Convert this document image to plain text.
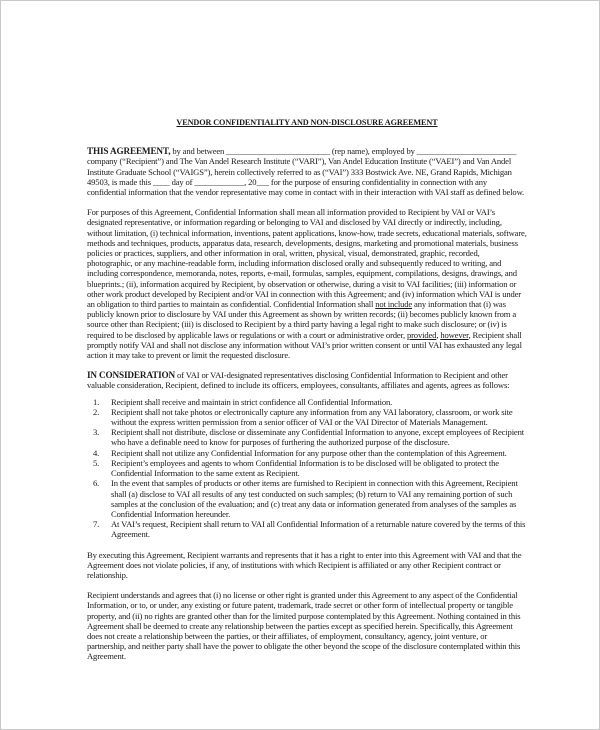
VENDOR CONFIDENTIALITY AND NON-DISCLOSURE AGREEMENT

THIS AGREEMENT, by and between _________________________ (rep name), employed by ________________________ company (“Recipient”) and The Van Andel Research Institute (“VARI”), Van Andel Education Institute (“VAEI”) and Van Andel Institute Graduate School (“VAIGS”), herein collectively referred to as (“VAI”) 333 Bostwick Ave. NE, Grand Rapids, Michigan 49503, is made this ____ day of ____________, 20___ for the purpose of ensuring confidentiality in connection with any confidential information that the vendor representative may come in contact with in their interaction with VAI staff as defined below.

For purposes of this Agreement, Confidential Information shall mean all information provided to Recipient by VAI or VAI’s designated representative, or information regarding or belonging to VAI and disclosed by VAI directly or indirectly, including, without limitation, (i) technical information, inventions, patent applications, know-how, trade secrets, educational materials, software, methods and techniques, products, apparatus data, research, developments, designs, marketing and promotional materials, business policies or practices, suppliers, and other information in oral, written, physical, visual, demonstrated, graphic, recorded, photographic, or any machine-readable form, including information disclosed orally and subsequently reduced to writing, and including correspondence, memoranda, notes, reports, e-mail, formulas, samples, equipment, compilations, designs, drawings, and blueprints.; (ii), information acquired by Recipient, by observation or otherwise, during a visit to VAI facilities; (iii) information or other work product developed by Recipient and/or VAI in connection with this Agreement; and (iv) information which VAI is under an obligation to third parties to maintain as confidential. Confidential Information shall not include any information that (i) was publicly known prior to disclosure by VAI under this Agreement as shown by written records; (ii) becomes publicly known from a source other than Recipient; (iii) is disclosed to Recipient by a third party having a legal right to make such disclosure; or (iv) is required to be disclosed by applicable laws or regulations or with a court or administrative order, provided, however, Recipient shall promptly notify VAI and shall not disclose any information without VAI’s prior written consent or until VAI has exhausted any legal action it may take to prevent or limit the requested disclosure.

IN CONSIDERATION of VAI or VAI-designated representatives disclosing Confidential Information to Recipient and other valuable consideration, Recipient, defined to include its officers, employees, consultants, affiliates and agents, agrees as follows:

1. Recipient shall receive and maintain in strict confidence all Confidential Information.
2. Recipient shall not take photos or electronically capture any information from any VAI laboratory, classroom, or work site without the express written permission from a senior officer of VAI or the VAI Director of Materials Management.
3. Recipient shall not distribute, disclose or disseminate any Confidential Information to anyone, except employees of Recipient who have a definable need to know for purposes of furthering the authorized purpose of the disclosure.
4. Recipient shall not utilize any Confidential Information for any purpose other than the contemplation of this Agreement.
5. Recipient’s employees and agents to whom Confidential Information is to be disclosed will be obligated to protect the Confidential Information to the same extent as Recipient.
6. In the event that samples of products or other items are furnished to Recipient in connection with this Agreement, Recipient shall (a) disclose to VAI all results of any test conducted on such samples; (b) return to VAI any remaining portion of such samples at the conclusion of the evaluation; and (c) treat any data or information generated from analyses of the samples as Confidential Information hereunder.
7. At VAI’s request, Recipient shall return to VAI all Confidential Information of a returnable nature covered by the terms of this Agreement.

By executing this Agreement, Recipient warrants and represents that it has a right to enter into this Agreement with VAI and that the Agreement does not violate policies, if any, of institutions with which Recipient is affiliated or any other Recipient contract or relationship.

Recipient understands and agrees that (i) no license or other right is granted under this Agreement to any aspect of the Confidential Information, or to, or under, any existing or future patent, trademark, trade secret or other form of intellectual property or tangible property, and (ii) no rights are granted other than for the limited purpose contemplated by this Agreement. Nothing contained in this Agreement shall be deemed to create any relationship between the parties except as specified herein. Specifically, this Agreement does not create a relationship between the parties, or their affiliates, of employment, consultancy, agency, joint venture, or partnership, and neither party shall have the power to obligate the other beyond the scope of the disclosure contemplated within this Agreement.
